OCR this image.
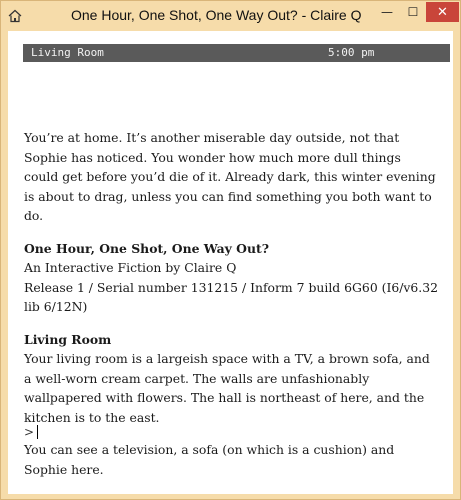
One Hour, One Shot, One Way Out? - Claire Q	—	☐	✕
Living Room	5:00 pm

You’re at home. It’s another miserable day outside, not that Sophie has noticed. You wonder how much more dull things could get before you’d die of it. Already dark, this winter evening is about to drag, unless you can find something you both want to do.

One Hour, One Shot, One Way Out?
An Interactive Fiction by Claire Q
Release 1 / Serial number 131215 / Inform 7 build 6G60 (I6/v6.32 lib 6/12N)

Living Room
Your living room is a largeish space with a TV, a brown sofa, and a well-worn cream carpet. The walls are unfashionably wallpapered with flowers. The hall is northeast of here, and the kitchen is to the east.

You can see a television, a sofa (on which is a cushion) and Sophie here.

>
